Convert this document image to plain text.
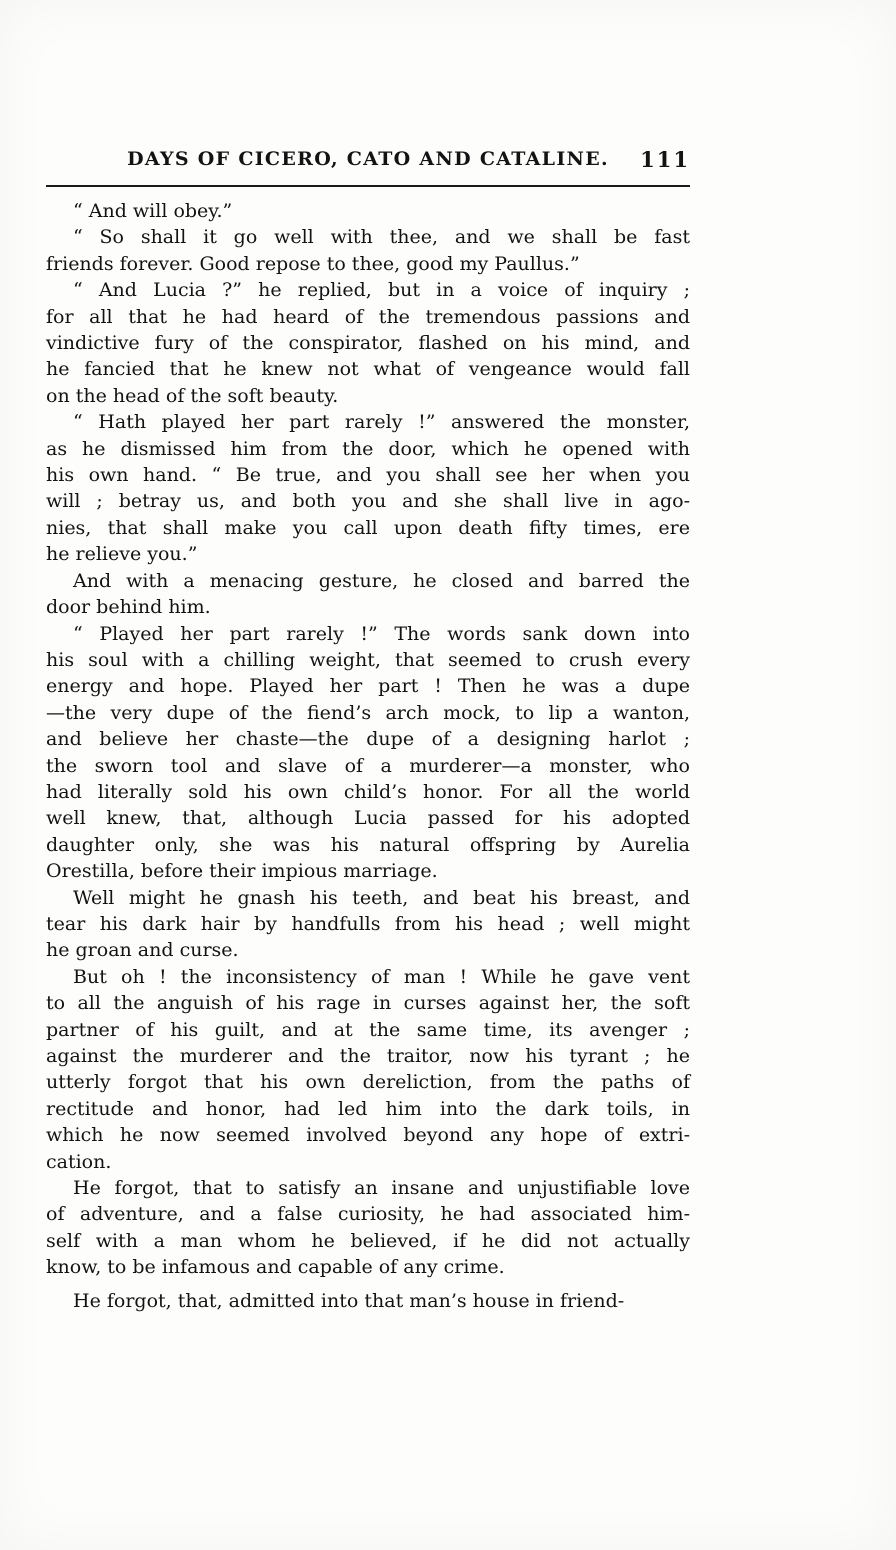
DAYS OF CICERO, CATO AND CATALINE. 111

“ And will obey.”

“ So shall it go well with thee, and we shall be fast
friends forever. Good repose to thee, good my Paullus.”

“ And Lucia ?” he replied, but in a voice of inquiry ;
for all that he had heard of the tremendous passions and
vindictive fury of the conspirator, flashed on his mind, and
he fancied that he knew not what of vengeance would fall
on the head of the soft beauty.

“ Hath played her part rarely !” answered the monster,
as he dismissed him from the door, which he opened with
his own hand. “ Be true, and you shall see her when you
will ; betray us, and both you and she shall live in ago-
nies, that shall make you call upon death fifty times, ere
he relieve you.”

And with a menacing gesture, he closed and barred the
door behind him.

“ Played her part rarely !” The words sank down into
his soul with a chilling weight, that seemed to crush every
energy and hope. Played her part ! Then he was a dupe
—the very dupe of the fiend’s arch mock, to lip a wanton,
and believe her chaste—the dupe of a designing harlot ;
the sworn tool and slave of a murderer—a monster, who
had literally sold his own child’s honor. For all the world
well knew, that, although Lucia passed for his adopted
daughter only, she was his natural offspring by Aurelia
Orestilla, before their impious marriage.

Well might he gnash his teeth, and beat his breast, and
tear his dark hair by handfulls from his head ; well might
he groan and curse.

But oh ! the inconsistency of man ! While he gave vent
to all the anguish of his rage in curses against her, the soft
partner of his guilt, and at the same time, its avenger ;
against the murderer and the traitor, now his tyrant ; he
utterly forgot that his own dereliction, from the paths of
rectitude and honor, had led him into the dark toils, in
which he now seemed involved beyond any hope of extri-
cation.

He forgot, that to satisfy an insane and unjustifiable love
of adventure, and a false curiosity, he had associated him-
self with a man whom he believed, if he did not actually
know, to be infamous and capable of any crime.

He forgot, that, admitted into that man’s house in friend-
